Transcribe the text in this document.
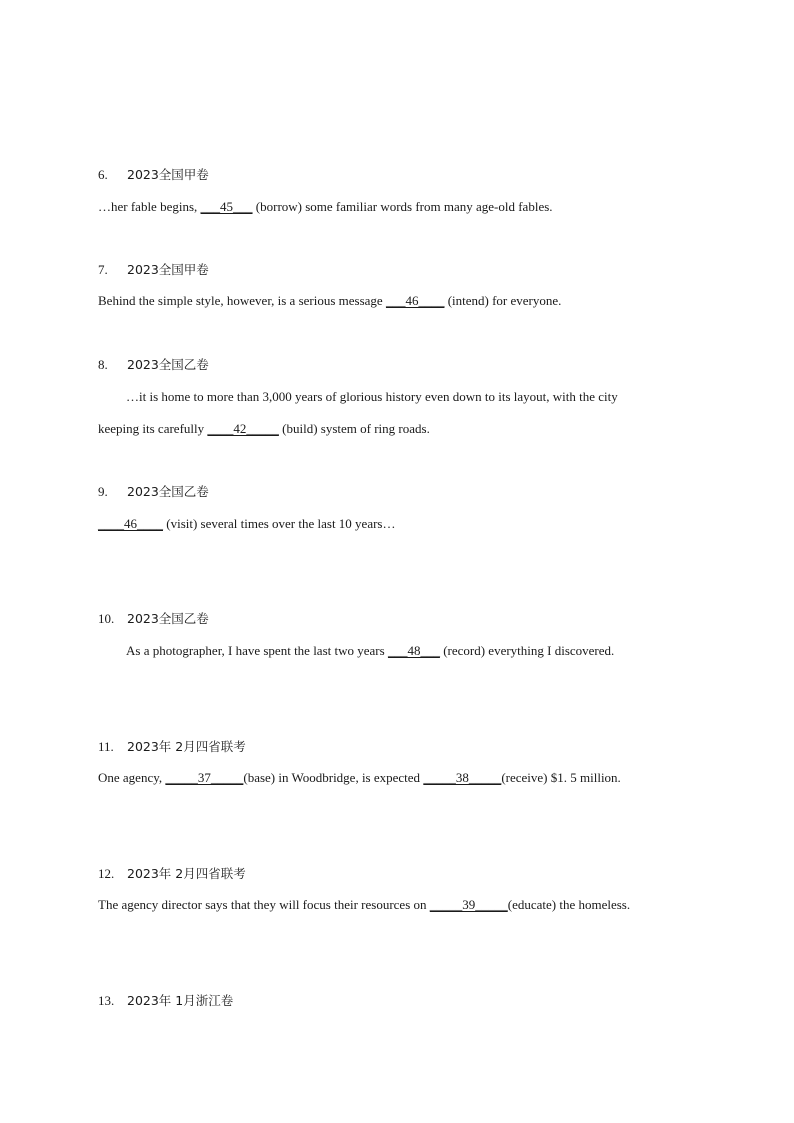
6. 2023全国甲卷
…her fable begins, ___45___ (borrow) some familiar words from many age-old fables.
7. 2023全国甲卷
Behind the simple style, however, is a serious message ___46____ (intend) for everyone.
8. 2023全国乙卷
…it is home to more than 3,000 years of glorious history even down to its layout, with the city
keeping its carefully ____42_____ (build) system of ring roads.
9. 2023全国乙卷
____46____ (visit) several times over the last 10 years…
10. 2023全国乙卷
As a photographer, I have spent the last two years ___48___ (record) everything I discovered.
11. 2023年 2月四省联考
One agency, _____37_____(base) in Woodbridge, is expected _____38_____(receive) $1. 5 million.
12. 2023年 2月四省联考
The agency director says that they will focus their resources on _____39_____(educate) the homeless.
13. 2023年 1月浙江卷
